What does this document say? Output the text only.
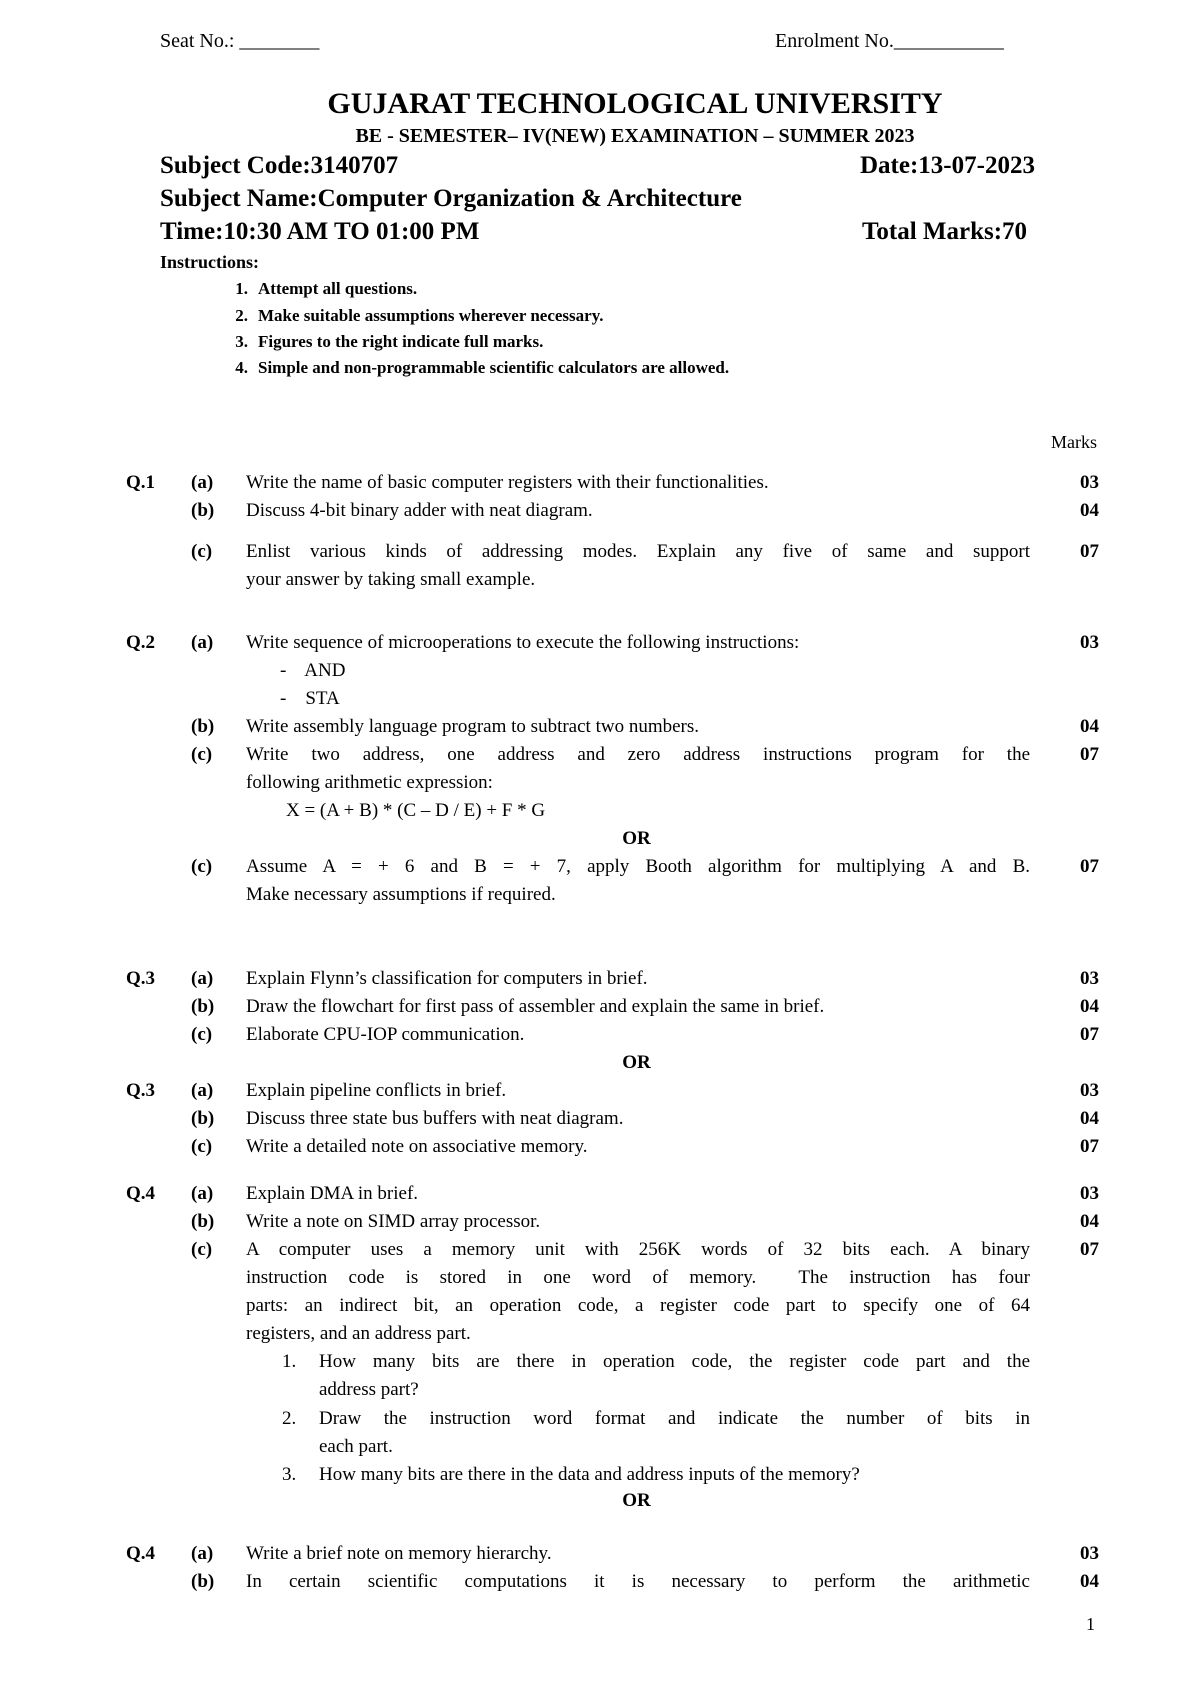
Seat No.: ________	Enrolment No.___________
GUJARAT TECHNOLOGICAL UNIVERSITY
BE - SEMESTER– IV(NEW) EXAMINATION – SUMMER 2023
Subject Code:3140707	Date:13-07-2023
Subject Name:Computer Organization & Architecture
Time:10:30 AM TO 01:00 PM	Total Marks:70
Instructions:
1. Attempt all questions.
2. Make suitable assumptions wherever necessary.
3. Figures to the right indicate full marks.
4. Simple and non-programmable scientific calculators are allowed.
Marks
Q.1 (a) Write the name of basic computer registers with their functionalities.	03
(b) Discuss 4-bit binary adder with neat diagram.	04
(c) Enlist various kinds of addressing modes. Explain any five of same and support
your answer by taking small example.
07
Q.2 (a) Write sequence of microoperations to execute the following instructions:	03
-    AND
-    STA
(b) Write assembly language program to subtract two numbers.	04
(c) Write two address, one address and zero address instructions program for the
following arithmetic expression:
X = (A + B) * (C – D / E) + F * G
07
OR
(c) Assume A = + 6 and B = + 7, apply Booth algorithm for multiplying A and B.
Make necessary assumptions if required.
07
Q.3 (a) Explain Flynn’s classification for computers in brief.	03
(b) Draw the flowchart for first pass of assembler and explain the same in brief.	04
(c) Elaborate CPU-IOP communication.	07
OR
Q.3 (a) Explain pipeline conflicts in brief.	03
(b) Discuss three state bus buffers with neat diagram.	04
(c) Write a detailed note on associative memory.	07
Q.4 (a) Explain DMA in brief.	03
(b) Write a note on SIMD array processor.	04
(c) A computer uses a memory unit with 256K words of 32 bits each. A binary
instruction code is stored in one word of memory.  The instruction has four
parts: an indirect bit, an operation code, a register code part to specify one of 64
registers, and an address part.
07
1. How many bits are there in operation code, the register code part and the
address part?
2. Draw the instruction word format and indicate the number of bits in
each part.
3. How many bits are there in the data and address inputs of the memory?
OR
Q.4 (a) Write a brief note on memory hierarchy.	03
(b) In certain scientific computations it is necessary to perform the arithmetic	04
1
